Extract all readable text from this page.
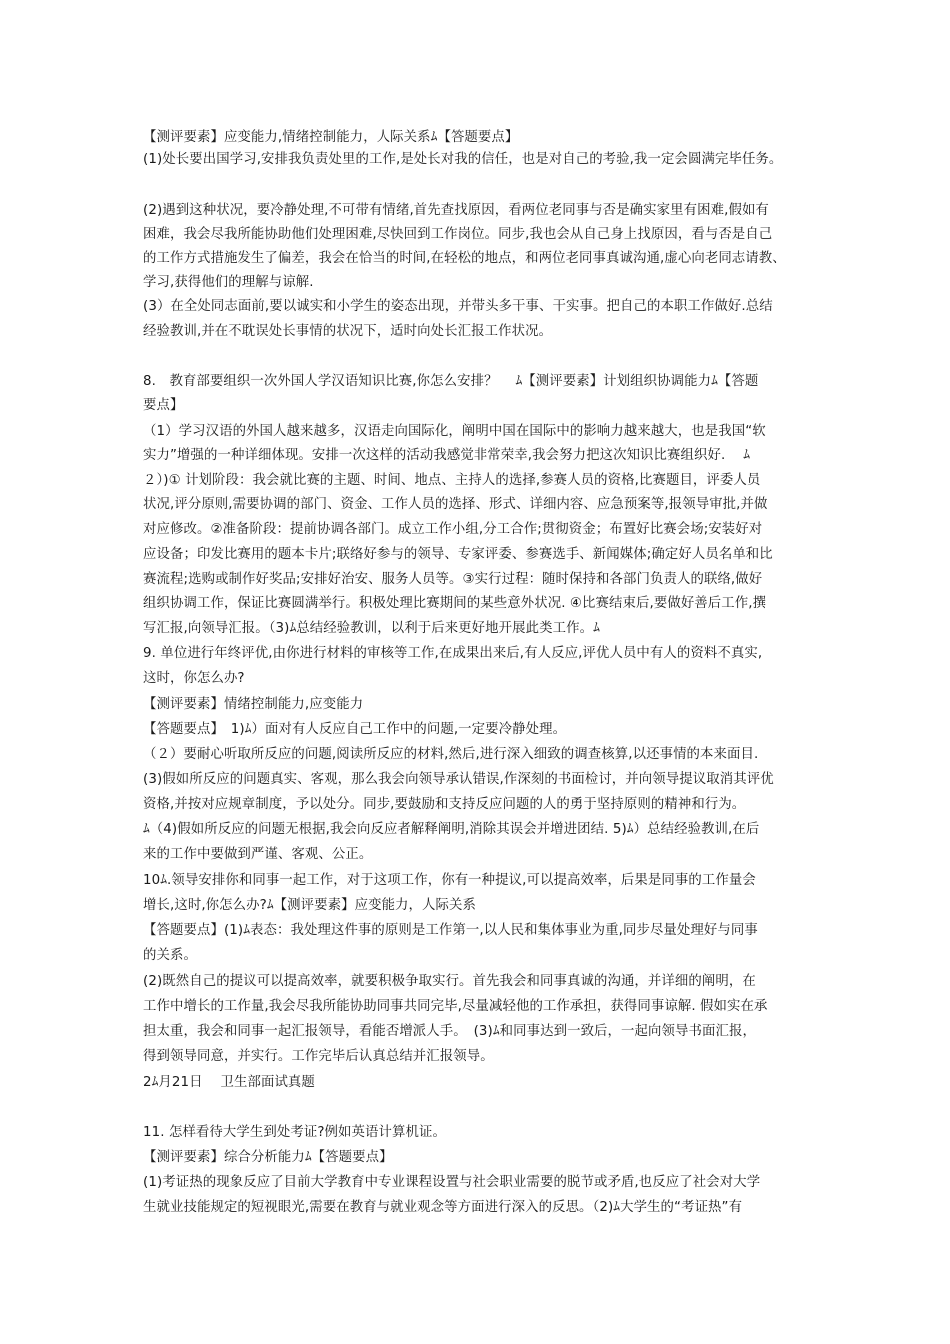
【测评要素】应变能力,情绪控制能力，人际关系ﾑ【答题要点】
(1)处长要出国学习,安排我负责处里的工作,是处长对我的信任，也是对自己的考验,我一定会圆满完毕任务。
(2)遇到这种状况，要冷静处理,不可带有情绪,首先查找原因，看两位老同事与否是确实家里有困难,假如有
困难，我会尽我所能协助他们处理困难,尽快回到工作岗位。同步,我也会从自己身上找原因，看与否是自己
的工作方式措施发生了偏差，我会在恰当的时间,在轻松的地点，和两位老同事真诚沟通,虚心向老同志请教、
学习,获得他们的理解与谅解.
(3）在全处同志面前,要以诚实和小学生的姿态出现，并带头多干事、干实事。把自己的本职工作做好.总结
经验教训,并在不耽误处长事情的状况下，适时向处长汇报工作状况。
8.　教育部要组织一次外国人学汉语知识比赛,你怎么安排？　 ﾑ【测评要素】计划组织协调能力ﾑ【答题
要点】
（1）学习汉语的外国人越来越多，汉语走向国际化，阐明中国在国际中的影响力越来越大，也是我国“软
实力”增强的一种详细体现。安排一次这样的活动我感觉非常荣幸,我会努力把这次知识比赛组织好.　 ﾑ
２）)① 计划阶段：我会就比赛的主题、时间、地点、主持人的选择,参赛人员的资格,比赛题目，评委人员
状况,评分原则,需要协调的部门、资金、工作人员的选择、形式、详细内容、应急预案等,报领导审批,并做
对应修改。②准备阶段：提前协调各部门。成立工作小组,分工合作;贯彻资金；布置好比赛会场;安装好对
应设备；印发比赛用的题本卡片;联络好参与的领导、专家评委、参赛选手、新闻媒体;确定好人员名单和比
赛流程;选购或制作好奖品;安排好治安、服务人员等。③实行过程：随时保持和各部门负责人的联络,做好
组织协调工作，保证比赛圆满举行。积极处理比赛期间的某些意外状况. ④比赛结束后,要做好善后工作,撰
写汇报,向领导汇报。（3)ﾑ总结经验教训，以利于后来更好地开展此类工作。ﾑ
9. 单位进行年终评优,由你进行材料的审核等工作,在成果出来后,有人反应,评优人员中有人的资料不真实,
这时，你怎么办?
【测评要素】情绪控制能力,应变能力
【答题要点】　1)ﾑ）面对有人反应自己工作中的问题,一定要冷静处理。
（２）要耐心听取所反应的问题,阅读所反应的材料,然后,进行深入细致的调查核算,以还事情的本来面目.
(3)假如所反应的问题真实、客观，那么我会向领导承认错误,作深刻的书面检讨，并向领导提议取消其评优
资格,并按对应规章制度，予以处分。同步,要鼓励和支持反应问题的人的勇于坚持原则的精神和行为。
ﾑ（4)假如所反应的问题无根据,我会向反应者解释阐明,消除其误会并增进团结. 5)ﾑ）总结经验教训,在后
来的工作中要做到严谨、客观、公正。
10ﾑ.领导安排你和同事一起工作，对于这项工作，你有一种提议,可以提高效率，后果是同事的工作量会
增长,这时,你怎么办?ﾑ【测评要素】应变能力，人际关系
【答题要点】(1)ﾑ表态：我处理这件事的原则是工作第一,以人民和集体事业为重,同步尽量处理好与同事
的关系。
(2)既然自己的提议可以提高效率，就要积极争取实行。首先我会和同事真诚的沟通，并详细的阐明，在
工作中增长的工作量,我会尽我所能协助同事共同完毕,尽量减轻他的工作承担，获得同事谅解. 假如实在承
担太重，我会和同事一起汇报领导，看能否增派人手。　(3)ﾑ和同事达到一致后，一起向领导书面汇报，
得到领导同意，并实行。工作完毕后认真总结并汇报领导。
2ﾑ月21日　 卫生部面试真题
11. 怎样看待大学生到处考证?例如英语计算机证。
【测评要素】综合分析能力ﾑ【答题要点】
(1)考证热的现象反应了目前大学教育中专业课程设置与社会职业需要的脱节或矛盾,也反应了社会对大学
生就业技能规定的短视眼光,需要在教育与就业观念等方面进行深入的反思。（2)ﾑ大学生的“考证热”有
